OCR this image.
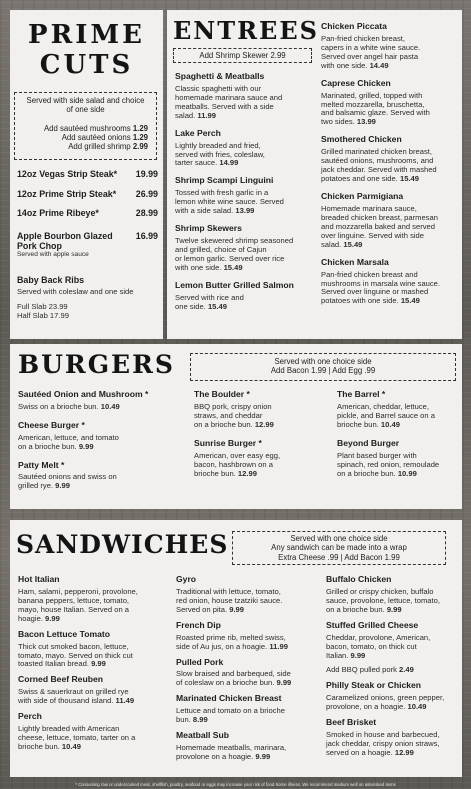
PRIME
CUTS
Served with side salad and choice
of one side
Add sautéed mushrooms 1.29
Add sautéed onions 1.29
Add grilled shrimp 2.99
12oz Vegas Strip Steak* 19.99
12oz Prime Strip Steak* 26.99
14oz Prime Ribeye*	28.99
Apple Bourbon Glazed	16.99
Pork Chop
Served with apple sauce
Baby Back Ribs
Served with coleslaw and one side
Full Slab 23.99
Half Slab 17.99
ENTREES
Add Shrimp Skewer 2.99
Spaghetti & Meatballs
Classic spaghetti with our
homemade marinara sauce and
meatballs. Served with a side
salad. 11.99
Lake Perch
Lightly breaded and fried,
served with fries, coleslaw,
tarter sauce. 14.99
Shrimp Scampi Linguini
Tossed with fresh garlic in a
lemon white wine sauce. Served
with a side salad. 13.99
Shrimp Skewers
Twelve skewered shrimp seasoned
and grilled, choice of Cajun
or lemon garlic. Served over rice
with one side. 15.49
Lemon Butter Grilled Salmon
Served with rice and
one side. 15.49
Chicken Piccata
Pan-fried chicken breast,
capers in a white wine sauce.
Served over angel hair pasta
with one side. 14.49
Caprese Chicken
Marinated, grilled, topped with
melted mozzarella, bruschetta,
and balsamic glaze. Served with
two sides. 13.99
Smothered Chicken
Grilled marinated chicken breast,
sautéed onions, mushrooms, and
jack cheddar. Served with mashed
potatoes and one side. 15.49
Chicken Parmigiana
Homemade marinara sauce,
breaded chicken breast, parmesan
and mozzarella baked and served
over linguine. Served with side
salad. 15.49
Chicken Marsala
Pan-fried chicken breast and
mushrooms in marsala wine sauce.
Served over linguine or mashed
potatoes with one side. 15.49
BURGERS	Served with one choice side
Add Bacon 1.99 | Add Egg .99
Sautéed Onion and Mushroom *
Swiss on a brioche bun. 10.49
Cheese Burger *
American, lettuce, and tomato
on a brioche bun. 9.99
Patty Melt *
Sautéed onions and swiss on
grilled rye. 9.99
The Boulder *
BBQ pork, crispy onion
straws, and cheddar
on a brioche bun. 12.99
Sunrise Burger *
American, over easy egg,
bacon, hashbrown on a
brioche bun. 12.99
The Barrel *
American, cheddar, lettuce,
pickle, and Barrel sauce on a
brioche bun. 10.49
Beyond Burger
Plant based burger with
spinach, red onion, remoulade
on a brioche bun. 10.99
SANDWICHES	Served with one choice side
Any sandwich can be made into a wrap
Extra Cheese .99 | Add Bacon 1.99
Hot Italian
Ham, salami, pepperoni, provolone,
banana peppers, lettuce, tomato,
mayo, house Italian. Served on a
hoagie. 9.99
Bacon Lettuce Tomato
Thick cut smoked bacon, lettuce,
tomato, mayo. Served on thick cut
toasted Italian bread. 9.99
Corned Beef Reuben
Swiss & sauerkraut on grilled rye
with side of thousand island. 11.49
Perch
Lightly breaded with American
cheese, lettuce, tomato, tarter on a
brioche bun. 10.49
Gyro
Traditional with lettuce, tomato,
red onion, house tzatziki sauce.
Served on pita. 9.99
French Dip
Roasted prime rib, melted swiss,
side of Au jus, on a hoagie. 11.99
Pulled Pork
Slow braised and barbequed, side
of coleslaw on a brioche bun. 9.99
Marinated Chicken Breast
Lettuce and tomato on a brioche
bun. 8.99
Meatball Sub
Homemade meatballs, marinara,
provolone on a hoagie. 9.99
Buffalo Chicken
Grilled or crispy chicken, buffalo
sauce, provolone, lettuce, tomato,
on a brioche bun. 9.99
Stuffed Grilled Cheese
Cheddar, provolone, American,
bacon, tomato, on thick cut
Italian. 9.99
Add BBQ pulled pork 2.49
Philly Steak or Chicken
Caramelized onions, green pepper,
provolone, on a hoagie. 10.49
Beef Brisket
Smoked in house and barbecued,
jack cheddar, crispy onion straws,
served on a hoagie. 12.99
* Consuming raw or undercooked meat, shellfish, poultry, seafood or eggs may increase your risk of food-borne illness. We recommend medium well on asterisked items
